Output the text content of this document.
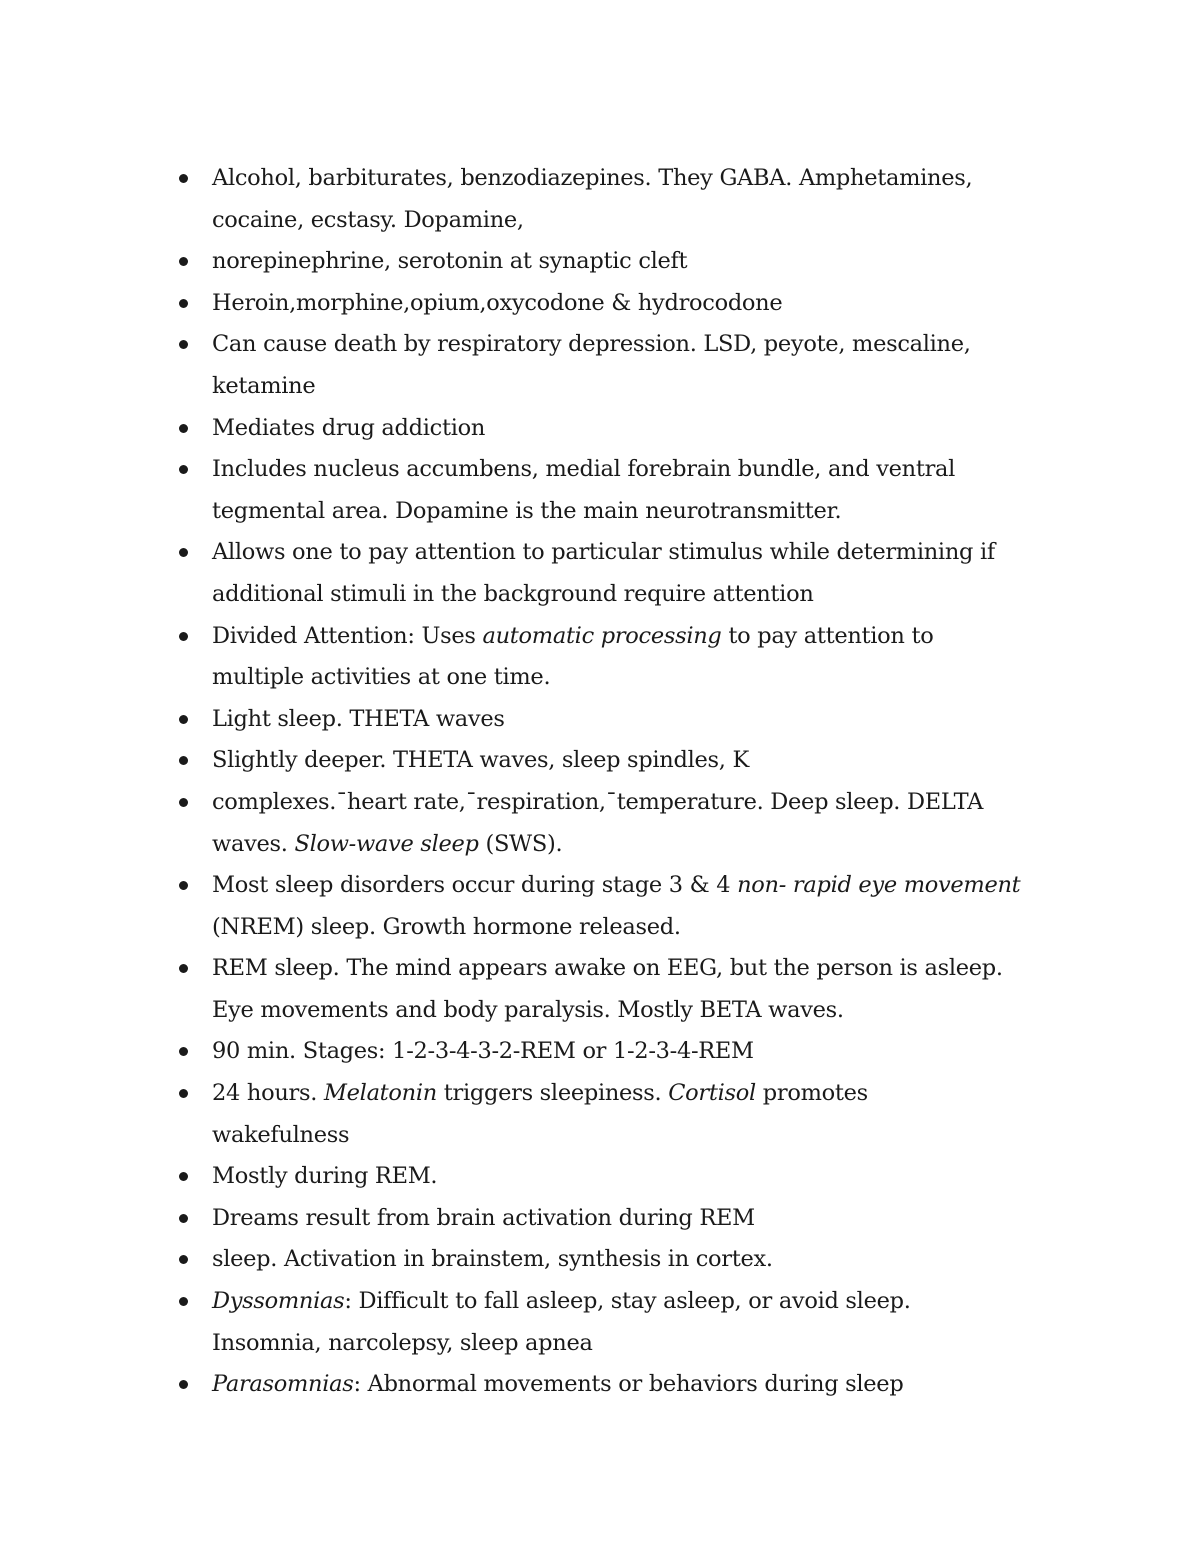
Alcohol, barbiturates, benzodiazepines. They GABA. Amphetamines,
cocaine, ecstasy. Dopamine,
norepinephrine, serotonin at synaptic cleft
Heroin,morphine,opium,oxycodone & hydrocodone
Can cause death by respiratory depression. LSD, peyote, mescaline,
ketamine
Mediates drug addiction
Includes nucleus accumbens, medial forebrain bundle, and ventral
tegmental area. Dopamine is the main neurotransmitter.
Allows one to pay attention to particular stimulus while determining if
additional stimuli in the background require attention
Divided Attention: Uses automatic processing to pay attention to
multiple activities at one time.
Light sleep. THETA waves
Slightly deeper. THETA waves, sleep spindles, K
complexes.¯heart rate,¯respiration,¯temperature. Deep sleep. DELTA
waves. Slow-wave sleep (SWS).
Most sleep disorders occur during stage 3 & 4 non- rapid eye movement
(NREM) sleep. Growth hormone released.
REM sleep. The mind appears awake on EEG, but the person is asleep.
Eye movements and body paralysis. Mostly BETA waves.
90 min. Stages: 1-2-3-4-3-2-REM or 1-2-3-4-REM
24 hours. Melatonin triggers sleepiness. Cortisol promotes
wakefulness
Mostly during REM.
Dreams result from brain activation during REM
sleep. Activation in brainstem, synthesis in cortex.
Dyssomnias: Difficult to fall asleep, stay asleep, or avoid sleep.
Insomnia, narcolepsy, sleep apnea
Parasomnias: Abnormal movements or behaviors during sleep
